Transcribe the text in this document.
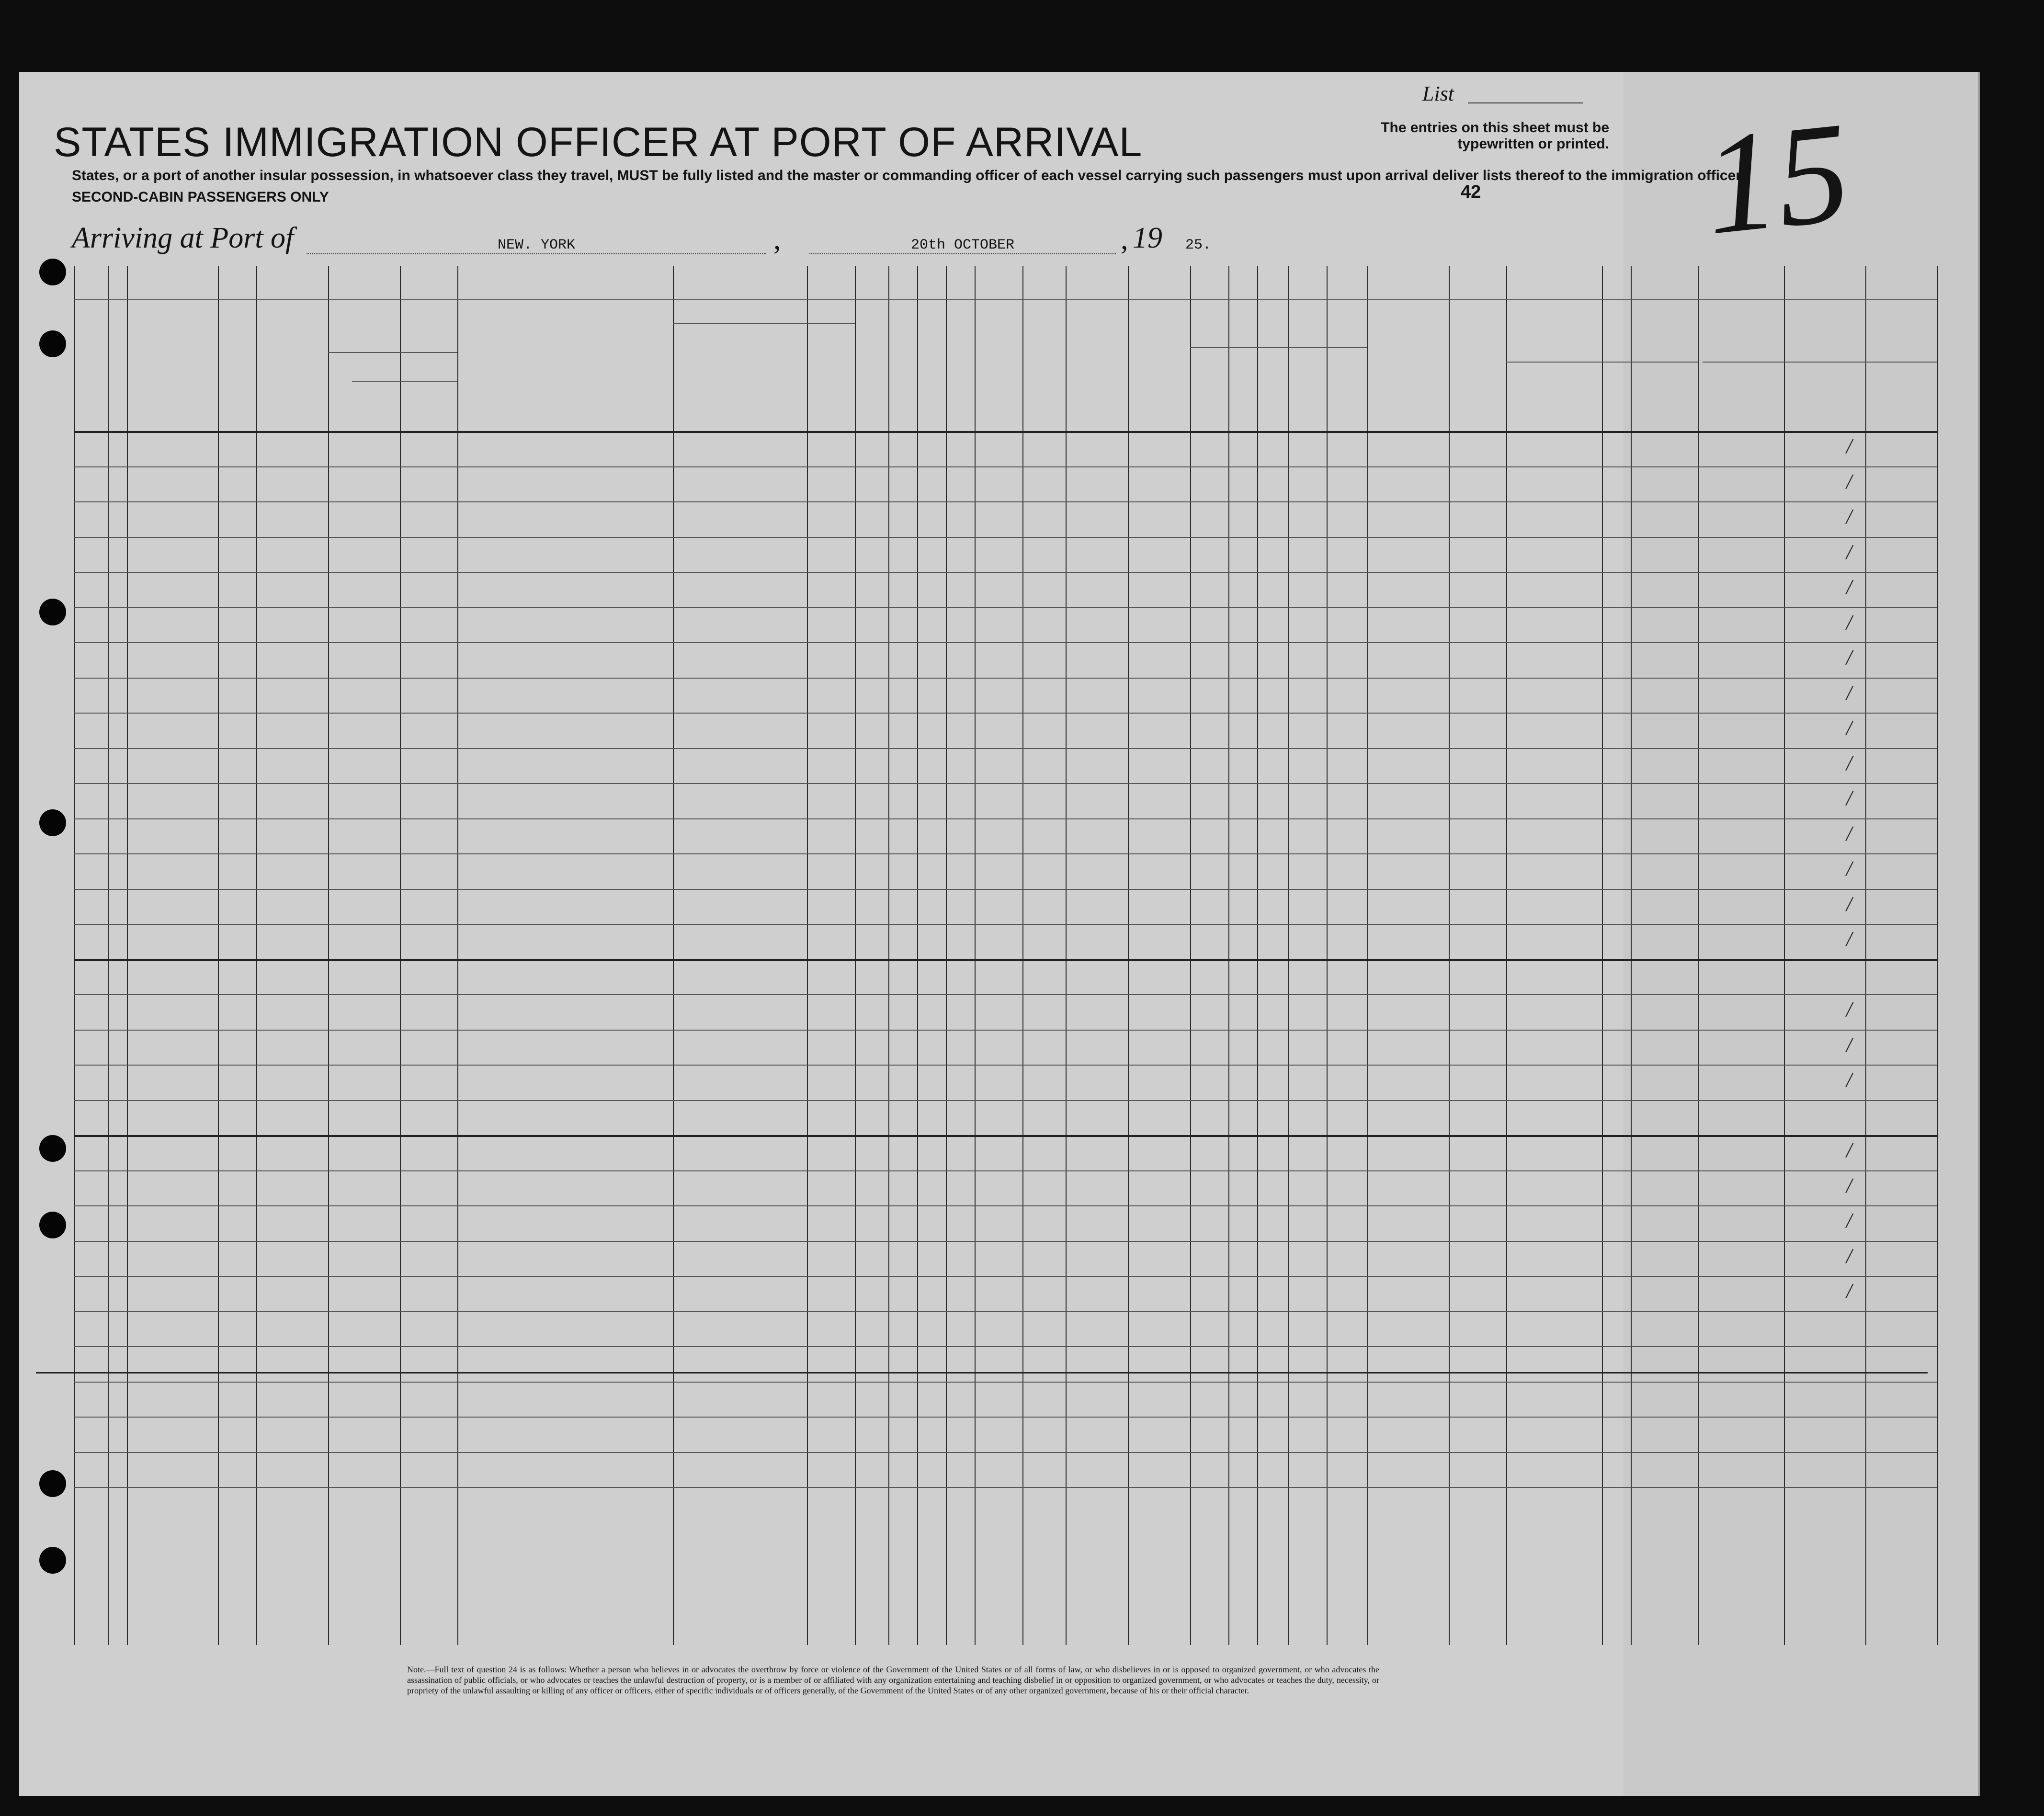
STATES IMMIGRATION OFFICER AT PORT OF ARRIVAL
States, or a port of another insular possession, in whatsoever class they travel, MUST be fully listed and the master or commanding officer of each vessel carrying such passengers must upon arrival deliver lists thereof to the immigration officer.
SECOND-CABIN PASSENGERS ONLY
List
The entries on this sheet must be typewritten or printed.
42 15
Arriving at Port of	NEW. YORK	,	20th OCTOBER	, 19 25.
/
/
/
/
/
/
/
/
/
/
/
/
/
/
/
/
/
/
/
/
/
/
/
Note.—Full text of question 24 is as follows: Whether a person who believes in or advocates the overthrow by force or violence of the Government of the United States or of all forms of law, or who disbelieves in or is opposed to organized government, or who advocates the assassination of public officials, or who advocates or teaches the unlawful destruction of property, or is a member of or affiliated with any organization entertaining and teaching disbelief in or opposition to organized government, or who advocates or teaches the duty, necessity, or propriety of the unlawful assaulting or killing of any officer or officers, either of specific individuals or of officers generally, of the Government of the United States or of any other organized government, because of his or their official character.
